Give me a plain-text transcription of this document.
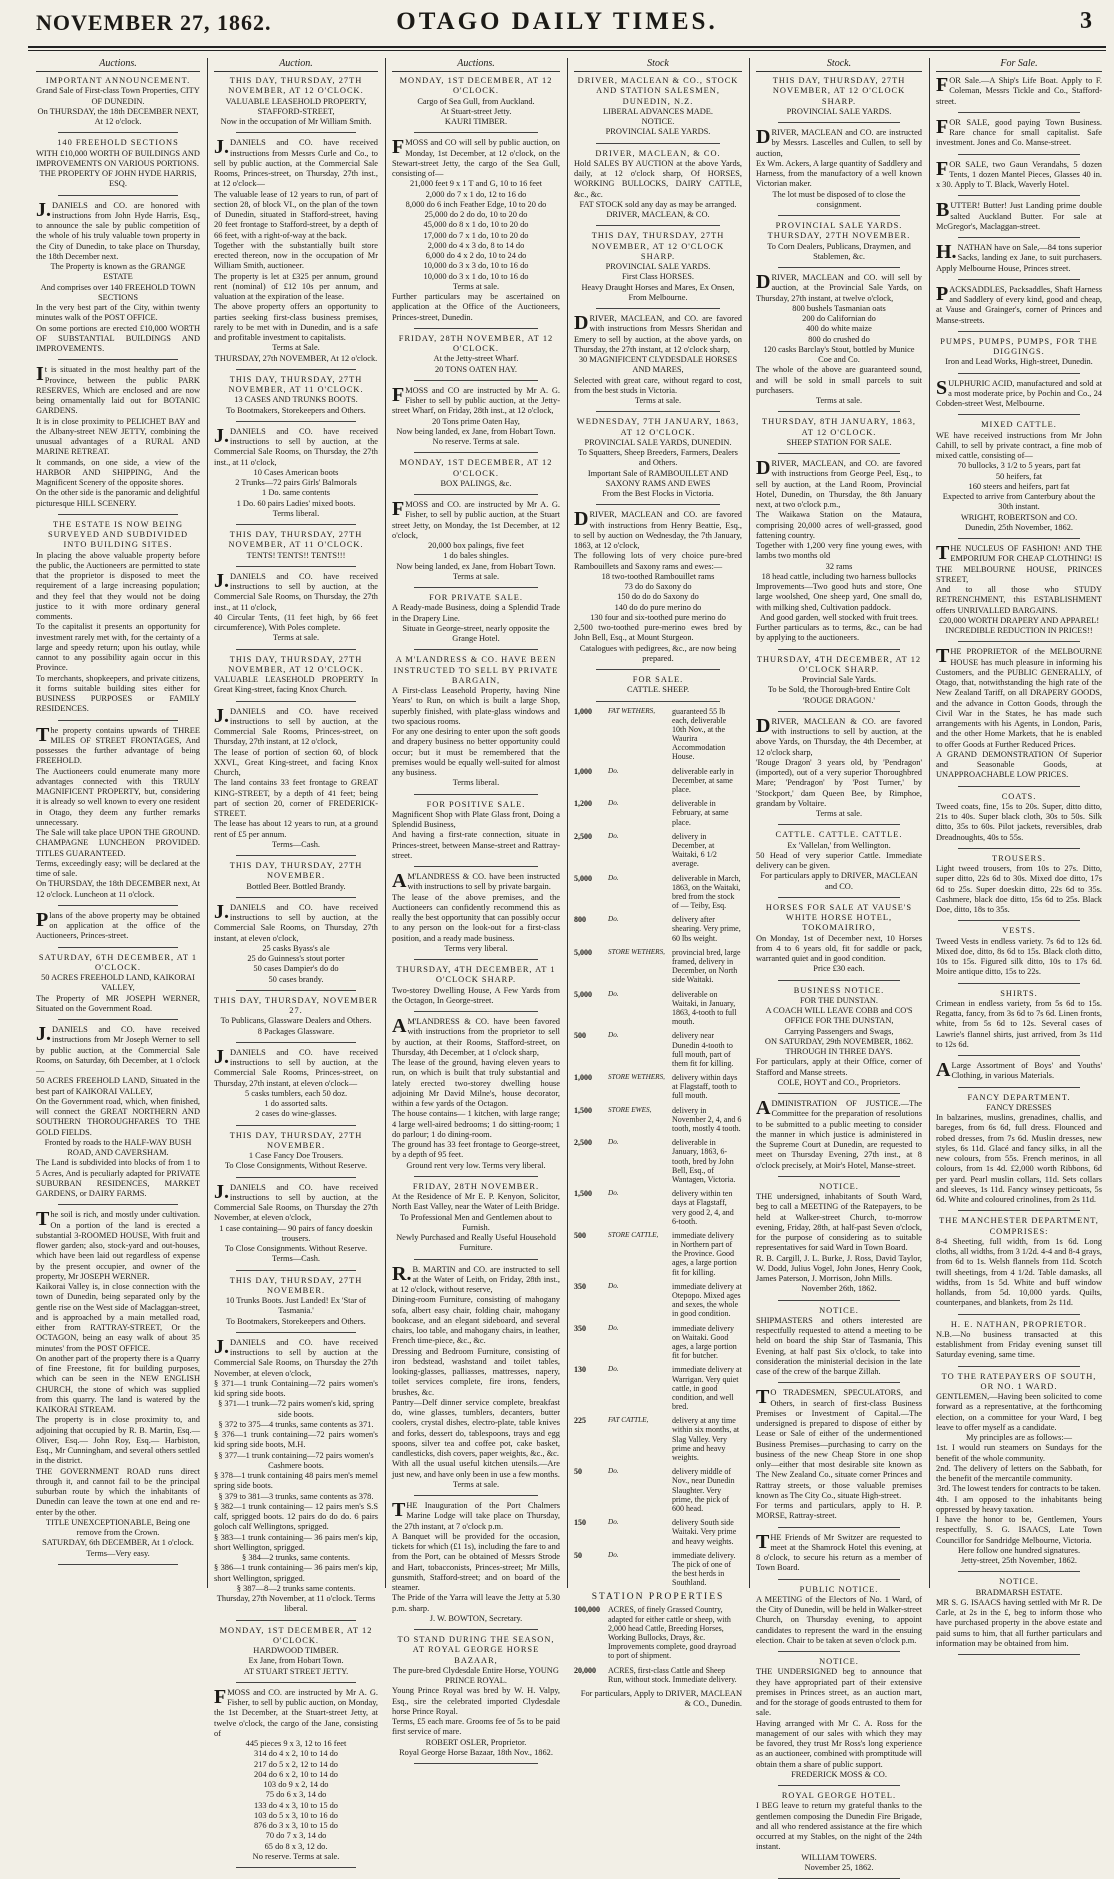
NOVEMBER 27, 1862.	OTAGO DAILY TIMES.	3
Auctions.
IMPORTANT ANNOUNCEMENT.
Grand Sale of First-class Town Properties, CITY OF DUNEDIN.
On THURSDAY, the 18th DECEMBER NEXT, At 12 o'clock.
140 FREEHOLD SECTIONS
WITH £10,000 WORTH OF BUILDINGS AND IMPROVEMENTS ON VARIOUS PORTIONS.
THE PROPERTY OF JOHN HYDE HARRIS, ESQ.
J.DANIELS and CO. are honored with instructions from John Hyde Harris, Esq., to announce the sale by public competition of the whole of his truly valuable town property in the City of Dunedin, to take place on Thursday, the 18th December next.
The Property is known as the GRANGE ESTATE
And comprises over 140 FREEHOLD TOWN SECTIONS
In the very best part of the City, within twenty minutes walk of the POST OFFICE.
On some portions are erected £10,000 WORTH OF SUBSTANTIAL BUILDINGS AND IMPROVEMENTS.
It is situated in the most healthy part of the Province, between the public PARK RESERVES, Which are enclosed and are now being ornamentally laid out for BOTANIC GARDENS.
It is in close proximity to PELICHET BAY and the Albany-street NEW JETTY, combining the unusual advantages of a RURAL AND MARINE RETREAT.
It commands, on one side, a view of the HARBOR AND SHIPPING, And the Magnificent Scenery of the opposite shores.
On the other side is the panoramic and delightful picturesque HILL SCENERY.
THE ESTATE IS NOW BEING SURVEYED AND SUBDIVIDED INTO BUILDING SITES.
In placing the above valuable property before the public, the Auctioneers are permitted to state that the proprietor is disposed to meet the requirement of a large increasing population; and they feel that they would not be doing justice to it with more ordinary general comments.
To the capitalist it presents an opportunity for investment rarely met with, for the certainty of a large and speedy return; upon his outlay, while cannot to any possibility again occur in this Province.
To merchants, shopkeepers, and private citizens, it forms suitable building sites either for BUSINESS PURPOSES or FAMILY RESIDENCES.
The property contains upwards of THREE MILES OF STREET FRONTAGES, And possesses the further advantage of being FREEHOLD.
The Auctioneers could enumerate many more advantages connected with this TRULY MAGNIFICENT PROPERTY, but, considering it is already so well known to every one resident in Otago, they deem any further remarks unnecessary.
The Sale will take place UPON THE GROUND. CHAMPAGNE LUNCHEON PROVIDED. TITLES GUARANTEED.
Terms, exceedingly easy; will be declared at the time of sale.
On THURSDAY, the 18th DECEMBER next, At 12 o'clock. Luncheon at 11 o'clock.
Plans of the above property may be obtained on application at the office of the Auctioneers, Princes-street.
SATURDAY, 6TH DECEMBER, AT 1 O'CLOCK.
50 ACRES FREEHOLD LAND, KAIKORAI VALLEY,
The Property of MR JOSEPH WERNER, Situated on the Government Road.
J.DANIELS and CO. have received instructions from Mr Joseph Werner to sell by public auction, at the Commercial Sale Rooms, on Saturday, 6th December, at 1 o'clock—
50 ACRES FREEHOLD LAND, Situated in the best part of KAIKORAI VALLEY,
On the Government road, which, when finished, will connect the GREAT NORTHERN AND SOUTHERN THOROUGHFARES TO THE GOLD FIELDS.
Fronted by roads to the HALF-WAY BUSH ROAD, AND CAVERSHAM.
The Land is subdivided into blocks of from 1 to 5 Acres, And is peculiarly adapted for PRIVATE SUBURBAN RESIDENCES, MARKET GARDENS, or DAIRY FARMS.
The soil is rich, and mostly under cultivation. On a portion of the land is erected a substantial 3-ROOMED HOUSE, With fruit and flower garden; also, stock-yard and out-houses, which have been laid out regardless of expense by the present occupier, and owner of the property, Mr JOSEPH WERNER.
Kaikorai Valley is, in close connection with the town of Dunedin, being separated only by the gentle rise on the West side of Maclaggan-street, and is approached by a main metalled road, either from RATTRAY-STREET, Or the OCTAGON, being an easy walk of about 35 minutes' from the POST OFFICE.
On another part of the property there is a Quarry of fine Freestone, fit for building purposes, which can be seen in the NEW ENGLISH CHURCH, the stone of which was supplied from this quarry. The land is watered by the KAIKORAI STREAM.
The property is in close proximity to, and adjoining that occupied by R. B. Martin, Esq.— Oliver, Esq.— John Roy, Esq.— Harbiston, Esq., Mr Cunningham, and several others settled in the district.
THE GOVERNMENT ROAD runs direct through it, and cannot fail to be the principal suburban route by which the inhabitants of Dunedin can leave the town at one end and re-enter by the other.
TITLE UNEXCEPTIONABLE, Being one remove from the Crown.
SATURDAY, 6th DECEMBER, At 1 o'clock. Terms—Very easy.
Auction.
THIS DAY, THURSDAY, 27TH NOVEMBER, AT 12 O'CLOCK.
VALUABLE LEASEHOLD PROPERTY, STAFFORD-STREET,
Now in the occupation of Mr William Smith.
J.DANIELS and CO. have received instructions from Messrs Curle and Co., to sell by public auction, at the Commercial Sale Rooms, Princes-street, on Thursday, 27th inst., at 12 o'clock—
The valuable lease of 12 years to run, of part of section 28, of block VI., on the plan of the town of Dunedin, situated in Stafford-street, having 20 feet frontage to Stafford-street, by a depth of 66 feet, with a right-of-way at the back.
Together with the substantially built store erected thereon, now in the occupation of Mr William Smith, auctioneer.
The property is let at £325 per annum, ground rent (nominal) of £12 10s per annum, and valuation at the expiration of the lease.
The above property offers an opportunity to parties seeking first-class business premises, rarely to be met with in Dunedin, and is a safe and profitable investment to capitalists.
Terms at Sale.
THURSDAY, 27th NOVEMBER, At 12 o'clock.
THIS DAY, THURSDAY, 27TH NOVEMBER, AT 11 O'CLOCK.
13 CASES AND TRUNKS BOOTS.
To Bootmakers, Storekeepers and Others.
J.DANIELS and CO. have received instructions to sell by auction, at the Commercial Sale Rooms, on Thursday, the 27th inst., at 11 o'clock,
10 Cases American boots
2 Trunks—72 pairs Girls' Balmorals
1 Do. same contents
1 Do. 60 pairs Ladies' mixed boots.
Terms liberal.
THIS DAY, THURSDAY, 27TH NOVEMBER, AT 11 O'CLOCK.
TENTS! TENTS!! TENTS!!!
J.DANIELS and CO. have received instructions to sell by auction, at the Commercial Sale Rooms, on Thursday, the 27th inst., at 11 o'clock,
40 Circular Tents, (11 feet high, by 66 feet circumference), With Poles complete.
Terms at sale.
THIS DAY, THURSDAY, 27TH NOVEMBER, AT 12 O'CLOCK.
VALUABLE LEASEHOLD PROPERTY In Great King-street, facing Knox Church.
J.DANIELS and CO. have received instructions to sell by auction, at the Commercial Sale Rooms, Princes-street, on Thursday, 27th instant, at 12 o'clock,
The lease of portion of section 60, of block XXVI., Great King-street, and facing Knox Church,
The land contains 33 feet frontage to GREAT KING-STREET, by a depth of 41 feet; being part of section 20, corner of FREDERICK-STREET.
The lease has about 12 years to run, at a ground rent of £5 per annum.
Terms—Cash.
THIS DAY, THURSDAY, 27TH NOVEMBER.
Bottled Beer. Bottled Brandy.
J.DANIELS and CO. have received instructions to sell by auction, at the Commercial Sale Rooms, on Thursday, 27th instant, at eleven o'clock,
25 casks Byass's ale
25 do Guinness's stout porter
50 cases Dampier's do do
50 cases brandy.
THIS DAY, THURSDAY, NOVEMBER 27.
To Publicans, Glassware Dealers and Others.
8 Packages Glassware.
J.DANIELS and CO. have received instructions to sell by auction, at the Commercial Sale Rooms, Princes-street, on Thursday, 27th instant, at eleven o'clock—
5 casks tumblers, each 50 doz.
1 do assorted salts.
2 cases do wine-glasses.
THIS DAY, THURSDAY, 27TH NOVEMBER.
1 Case Fancy Doe Trousers.
To Close Consignments, Without Reserve.
J.DANIELS and CO. have received instructions to sell by auction, at the Commercial Sale Rooms, on Thursday the 27th November, at eleven o'clock,
1 case containing— 90 pairs of fancy doeskin trousers.
To Close Consignments. Without Reserve.
Terms—Cash.
THIS DAY, THURSDAY, 27TH NOVEMBER.
10 Trunks Boots. Just Landed! Ex 'Star of Tasmania.'
To Bootmakers, Storekeepers and Others.
J.DANIELS and CO. have received instructions to sell by auction at the Commercial Sale Rooms, on Thursday the 27th November, at eleven o'clock,
§ 371—1 trunk Containing—72 pairs women's kid spring side boots.
§ 371—1 trunk—72 pairs women's kid, spring side boots.
§ 372 to 375—4 trunks, same contents as 371.
§ 376—1 trunk containing—72 pairs women's kid spring side boots, M.H.
§ 377—1 trunk containing—72 pairs women's Cashmere boots.
§ 378—1 trunk containing 48 pairs men's memel spring side boots.
§ 379 to 381—3 trunks, same contents as 378.
§ 382—1 trunk containing— 12 pairs men's S.S calf, sprigged boots. 12 pairs do do do. 6 pairs goloch calf Wellingtons, sprigged.
§ 383—1 trunk containing— 36 pairs men's kip, short Wellington, sprigged.
§ 384—2 trunks, same contents.
§ 386—1 trunk containing— 36 pairs men's kip, short Wellington, sprigged.
§ 387—8—2 trunks same contents.
Thursday, 27th November, at 11 o'clock. Terms liberal.
MONDAY, 1ST DECEMBER, AT 12 O'CLOCK.
HARDWOOD TIMBER.
Ex Jane, from Hobart Town.
AT STUART STREET JETTY.
FMOSS and CO. are instructed by Mr A. G. Fisher, to sell by public auction, on Monday, the 1st December, at the Stuart-street Jetty, at twelve o'clock, the cargo of the Jane, consisting of
445 pieces 9 x 3, 12 to 16 feet
314 do 4 x 2, 10 to 14 do
217 do 5 x 2, 12 to 14 do
204 do 6 x 2, 10 to 14 do
103 do 9 x 2, 14 do
75 do 6 x 3, 14 do
133 do 4 x 3, 10 to 15 do
103 do 5 x 3, 10 to 16 do
876 do 3 x 3, 10 to 15 do
70 do 7 x 3, 14 do
65 do 8 x 3, 12 do.
No reserve. Terms at sale.
Auctions.
MONDAY, 1ST DECEMBER, AT 12 O'CLOCK.
Cargo of Sea Gull, from Auckland.
At Stuart-street Jetty.
KAURI TIMBER.
FMOSS and CO will sell by public auction, on Monday, 1st December, at 12 o'clock, on the Stewart-street Jetty, the cargo of the Sea Gull, consisting of—
21,000 feet 9 x 1 T and G, 10 to 16 feet
2,000 do 7 x 1 do, 12 to 16 do
8,000 do 6 inch Feather Edge, 10 to 20 do
25,000 do 2 do do, 10 to 20 do
45,000 do 8 x 1 do, 10 to 20 do
17,000 do 7 x 1 do, 10 to 20 do
2,000 do 4 x 3 do, 8 to 14 do
6,000 do 4 x 2 do, 10 to 24 do
10,000 do 3 x 3 do, 10 to 16 do
10,000 do 3 x 1 do, 10 to 16 do
Terms at sale.
Further particulars may be ascertained on application at the Office of the Auctioneers, Princes-street, Dunedin.
FRIDAY, 28TH NOVEMBER, AT 12 O'CLOCK.
At the Jetty-street Wharf.
20 TONS OATEN HAY.
FMOSS and CO are instructed by Mr A. G. Fisher to sell by public auction, at the Jetty-street Wharf, on Friday, 28th inst., at 12 o'clock,
20 Tons prime Oaten Hay,
Now being landed, ex Jane, from Hobart Town.
No reserve. Terms at sale.
MONDAY, 1ST DECEMBER, AT 12 O'CLOCK.
BOX PALINGS, &c.
FMOSS and CO. are instructed by Mr A. G. Fisher, to sell by public auction, at the Stuart street Jetty, on Monday, the 1st December, at 12 o'clock,
20,000 box palings, five feet
1 do bales shingles.
Now being landed, ex Jane, from Hobart Town.
Terms at sale.
FOR PRIVATE SALE.
A Ready-made Business, doing a Splendid Trade in the Drapery Line.
Situate in George-street, nearly opposite the Grange Hotel.
A M'LANDRESS & CO. HAVE BEEN INSTRUCTED TO SELL BY PRIVATE BARGAIN,
A First-class Leasehold Property, having Nine Years' to Run, on which is built a large Shop, superbly finished, with plate-glass windows and two spacious rooms.
For any one desiring to enter upon the soft goods and drapery business no better opportunity could occur; but it must be remembered that the premises would be equally well-suited for almost any business.
Terms liberal.
FOR POSITIVE SALE.
Magnificent Shop with Plate Glass front, Doing a Splendid Business,
And having a first-rate connection, situate in Princes-street, between Manse-street and Rattray-street.
AM'LANDRESS & CO. have been instructed with instructions to sell by private bargain.
The lease of the above premises, and the Auctioneers can confidently recommend this as really the best opportunity that can possibly occur to any person on the look-out for a first-class position, and a ready made business.
Terms very liberal.
THURSDAY, 4TH DECEMBER, AT 1 O'CLOCK SHARP.
Two-storey Dwelling House, A Few Yards from the Octagon, In George-street.
AM'LANDRESS & CO. have been favored with instructions from the proprietor to sell by auction, at their Rooms, Stafford-street, on Thursday, 4th December, at 1 o'clock sharp,
The lease of the ground, having eleven years to run, on which is built that truly substantial and lately erected two-storey dwelling house adjoining Mr David Milne's, house decorator, within a few yards of the Octagon.
The house contains— 1 kitchen, with large range; 4 large well-aired bedrooms; 1 do sitting-room; 1 do parlour; 1 do dining-room.
The ground has 33 feet frontage to George-street, by a depth of 95 feet.
Ground rent very low. Terms very liberal.
FRIDAY, 28TH NOVEMBER.
At the Residence of Mr E. P. Kenyon, Solicitor, North East Valley, near the Water of Leith Bridge.
To Professional Men and Gentlemen about to Furnish.
Newly Purchased and Really Useful Household Furniture.
R.B. MARTIN and CO. are instructed to sell at the Water of Leith, on Friday, 28th inst., at 12 o'clock, without reserve,
Dining-room Furniture, consisting of mahogany sofa, albert easy chair, folding chair, mahogany bookcase, and an elegant sideboard, and several chairs, loo table, and mahogany chairs, in leather, French time-piece, &c., &c.
Dressing and Bedroom Furniture, consisting of iron bedstead, washstand and toilet tables, looking-glasses, palliasses, mattresses, napery, toilet services complete, fire irons, fenders, brushes, &c.
Pantry—Delf dinner service complete, breakfast do, wine glasses, tumblers, decanters, butter coolers, crystal dishes, electro-plate, table knives and forks, dessert do, tablespoons, trays and egg spoons, silver tea and coffee pot, cake basket, candlesticks, dish covers, paper weights, &c., &c.
With all the usual useful kitchen utensils.—Are just new, and have only been in use a few months.
Terms at sale.
THE Inauguration of the Port Chalmers Marine Lodge will take place on Thursday, the 27th instant, at 7 o'clock p.m.
A Banquet will be provided for the occasion, tickets for which (£1 1s), including the fare to and from the Port, can be obtained of Messrs Strode and Hart, tobacconists, Princes-street; Mr Mills, gunsmith, Stafford-street; and on board of the steamer.
The Pride of the Yarra will leave the Jetty at 5.30 p.m. sharp.
J. W. BOWTON, Secretary.
TO STAND DURING THE SEASON, AT ROYAL GEORGE HORSE BAZAAR,
The pure-bred Clydesdale Entire Horse, YOUNG PRINCE ROYAL.
Young Prince Royal was bred by W. H. Valpy, Esq., sire the celebrated imported Clydesdale horse Prince Royal.
Terms, £5 each mare. Grooms fee of 5s to be paid first service of mare.
ROBERT OSLER, Proprietor.
Royal George Horse Bazaar, 18th Nov., 1862.
Stock
DRIVER, MACLEAN & CO., STOCK AND STATION SALESMEN, DUNEDIN, N.Z.
LIBERAL ADVANCES MADE.
NOTICE.
PROVINCIAL SALE YARDS.
DRIVER, MACLEAN, & CO.
Hold SALES BY AUCTION at the above Yards, daily, at 12 o'clock sharp, Of HORSES, WORKING BULLOCKS, DAIRY CATTLE, &c., &c.
FAT STOCK sold any day as may be arranged.
DRIVER, MACLEAN, & CO.
THIS DAY, THURSDAY, 27TH NOVEMBER, AT 12 O'CLOCK SHARP.
PROVINCIAL SALE YARDS.
First Class HORSES.
Heavy Draught Horses and Mares, Ex Onsen, From Melbourne.
DRIVER, MACLEAN, and CO. are favored with instructions from Messrs Sheridan and Emery to sell by auction, at the above yards, on Thursday, the 27th instant, at 12 o'clock sharp,
30 MAGNIFICENT CLYDESDALE HORSES AND MARES,
Selected with great care, without regard to cost, from the best studs in Victoria.
Terms at sale.
WEDNESDAY, 7TH JANUARY, 1863, AT 12 O'CLOCK.
PROVINCIAL SALE YARDS, DUNEDIN.
To Squatters, Sheep Breeders, Farmers, Dealers and Others.
Important Sale of RAMBOUILLET AND SAXONY RAMS AND EWES
From the Best Flocks in Victoria.
DRIVER, MACLEAN and CO. are favored with instructions from Henry Beattie, Esq., to sell by auction on Wednesday, the 7th January, 1863, at 12 o'clock,
The following lots of very choice pure-bred Rambouillets and Saxony rams and ewes:—
18 two-toothed Rambouillet rams
73 do do Saxony do
150 do do do Saxony do
140 do do pure merino do
130 four and six-toothed pure merino do
2,500 two-toothed pure-merino ewes bred by John Bell, Esq., at Mount Sturgeon.
Catalogues with pedigrees, &c., are now being prepared.
FOR SALE.
CATTLE. SHEEP.
1,000	FAT WETHERS,	guaranteed 55 lb each, deliverable 10th Nov., at the Waurira Accommodation House.
1,000	Do.	deliverable early in December, at same place.
1,200	Do.	deliverable in February, at same place.
2,500	Do.	delivery in December, at Waitaki, 6 1/2 average.
5,000	Do.	deliverable in March, 1863, on the Waitaki, bred from the stock of — Teiby, Esq.
800	Do.	delivery after shearing. Very prime, 60 lbs weight.
5,000	STORE WETHERS, provincial bred, large framed, delivery in December, on North side Waitaki.
5,000	Do.	deliverable on Waitaki, in January, 1863, 4-tooth to full mouth.
500	Do.	delivery near Dunedin 4-tooth to full mouth, part of them fit for killing.
1,000	STORE WETHERS, delivery within days at Flagstaff, tooth to full mouth.
1,500	STORE EWES,	delivery in November 2, 4, and 6 tooth, mostly 4 tooth.
2,500	Do.	deliverable in January, 1863, 6-tooth, bred by John Bell, Esq., of Wantagen, Victoria.
1,500	Do.	delivery within ten days at Flagstaff, very good 2, 4, and 6-tooth.
500	STORE CATTLE,	immediate delivery in Northern part of the Province. Good ages, a large portion fit for killing.
350	Do.	immediate delivery at Otepopo. Mixed ages and sexes, the whole in good condition.
350	Do.	immediate delivery on Waitaki. Good ages, a large portion fit for butcher.
130	Do.	immediate delivery at Warrigan. Very quiet cattle, in good condition, and well bred.
225	FAT CATTLE,	delivery at any time within six months, at Slag Valley. Very prime and heavy weights.
50	Do.	delivery middle of Nov., near Dunedin Slaughter. Very prime, the pick of 600 head.
150	Do.	delivery South side Waitaki. Very prime and heavy weights.
50	Do.	immediate delivery. The pick of one of the best herds in Southland.
STATION PROPERTIES
100,000	ACRES, of finely Grassed Country, adapted for either cattle or sheep, with 2,000 head Cattle, Breeding Horses, Working Bullocks, Drays, &c. Improvements complete, good drayroad to port of shipment.
20,000	ACRES, first-class Cattle and Sheep Run, without stock. Immediate delivery.
For particulars, Apply to DRIVER, MACLEAN & CO., Dunedin.
Stock.
THIS DAY, THURSDAY, 27TH NOVEMBER, AT 12 O'CLOCK SHARP.
PROVINCIAL SALE YARDS.
DRIVER, MACLEAN and CO. are instructed by Messrs. Lascelles and Cullen, to sell by auction,
Ex Wm. Ackers, A large quantity of Saddlery and Harness, from the manufactory of a well known Victorian maker.
The lot must be disposed of to close the consignment.
PROVINCIAL SALE YARDS. THURSDAY, 27TH NOVEMBER.
To Corn Dealers, Publicans, Draymen, and Stablemen, &c.
DRIVER, MACLEAN and CO. will sell by auction, at the Provincial Sale Yards, on Thursday, 27th instant, at twelve o'clock,
800 bushels Tasmanian oats
200 do Californian do
400 do white maize
800 do crushed do
120 casks Barclay's Stout, bottled by Munice Coe and Co.
The whole of the above are guaranteed sound, and will be sold in small parcels to suit purchasers.
Terms at sale.
THURSDAY, 8TH JANUARY, 1863, AT 12 O'CLOCK.
SHEEP STATION FOR SALE.
DRIVER, MACLEAN, and CO. are favored with instructions from George Peel, Esq., to sell by auction, at the Land Room, Provincial Hotel, Dunedin, on Thursday, the 8th January next, at two o'clock p.m.,
The Waikawa Station on the Mataura, comprising 20,000 acres of well-grassed, good fattening country.
Together with 1,200 very fine young ewes, with lambs two months old
32 rams
18 head cattle, including two harness bullocks
Improvements—Two good huts and store, One large woolshed, One sheep yard, One small do, with milking shed, Cultivation paddock.
And good garden, well stocked with fruit trees.
Further particulars as to terms, &c., can be had by applying to the auctioneers.
THURSDAY, 4TH DECEMBER, AT 12 O'CLOCK SHARP.
Provincial Sale Yards.
To be Sold, the Thorough-bred Entire Colt 'ROUGE DRAGON.'
DRIVER, MACLEAN & CO. are favored with instructions to sell by auction, at the above Yards, on Thursday, the 4th December, at 12 o'clock sharp,
'Rouge Dragon' 3 years old, by 'Pendragon' (imported), out of a very superior Thoroughbred Mare; 'Pendragon' by 'Post Turner,' by 'Stockport,' dam Queen Bee, by Rimphoe, grandam by Voltaire.
Terms at sale.
CATTLE. CATTLE. CATTLE.
Ex 'Vallelan,' from Wellington.
50 Head of very superior Cattle. Immediate delivery can be given.
For particulars apply to DRIVER, MACLEAN and CO.
HORSES FOR SALE AT VAUSE'S WHITE HORSE HOTEL, TOKOMAIRIRO,
On Monday, 1st of December next, 10 Horses from 4 to 6 years old, fit for saddle or pack, warranted quiet and in good condition.
Price £30 each.
BUSINESS NOTICE.
FOR THE DUNSTAN.
A COACH WILL LEAVE COBB and CO'S OFFICE FOR THE DUNSTAN,
Carrying Passengers and Swags,
ON SATURDAY, 29th NOVEMBER, 1862.
THROUGH IN THREE DAYS.
For particulars, apply at their Office, corner of Stafford and Manse streets.
COLE, HOYT and CO., Proprietors.
ADMINISTRATION OF JUSTICE.—The Committee for the preparation of resolutions to be submitted to a public meeting to consider the manner in which justice is administered in the Supreme Court at Dunedin, are requested to meet on Thursday Evening, 27th inst., at 8 o'clock precisely, at Moir's Hotel, Manse-street.
NOTICE.
THE undersigned, inhabitants of South Ward, beg to call a MEETING of the Ratepayers, to be held at Walker-street Church, to-morrow evening, Friday, 28th, at half-past Seven o'clock, for the purpose of considering as to suitable representatives for said Ward in Town Board.
R. B. Cargill, J. L. Burke, J. Ross, David Taylor, W. Dodd, Julius Vogel, John Jones, Henry Cook, James Paterson, J. Morrison, John Mills.
November 26th, 1862.
NOTICE.
SHIPMASTERS and others interested are respectfully requested to attend a meeting to be held on board the ship Star of Tasmania, This Evening, at half past Six o'clock, to take into consideration the ministerial decision in the late case of the crew of the barque Zillah.
TO TRADESMEN, SPECULATORS, and Others, in search of first-class Business Premises or Investment of Capital.—The undersigned is prepared to dispose of either by Lease or Sale of either of the undermentioned Business Premises—purchasing to carry on the business of the new Cheap Store in one shop only—either that most desirable site known as The New Zealand Co., situate corner Princes and Rattray streets, or those valuable premises known as The City Co., situate High-street.
For terms and particulars, apply to H. P. MORSE, Rattray-street.
THE Friends of Mr Switzer are requested to meet at the Shamrock Hotel this evening, at 8 o'clock, to secure his return as a member of Town Board.
PUBLIC NOTICE.
A MEETING of the Electors of No. 1 Ward, of the City of Dunedin, will be held in Walker-street Church, on Thursday evening, to appoint candidates to represent the ward in the ensuing election. Chair to be taken at seven o'clock p.m.
NOTICE.
THE UNDERSIGNED beg to announce that they have appropriated part of their extensive premises in Princes street, as an auction mart, and for the storage of goods entrusted to them for sale.
Having arranged with Mr C. A. Ross for the management of our sales with which they may be favored, they trust Mr Ross's long experience as an auctioneer, combined with promptitude will obtain them a share of public support.
FREDERICK MOSS & CO.
ROYAL GEORGE HOTEL.
I BEG leave to return my grateful thanks to the gentlemen composing the Dunedin Fire Brigade, and all who rendered assistance at the fire which occurred at my Stables, on the night of the 24th instant.
WILLIAM TOWERS.
November 25, 1862.
For Sale.
FOR Sale.—A Ship's Life Boat. Apply to F. Coleman, Messrs Tickle and Co., Stafford-street.
FOR SALE, good paying Town Business. Rare chance for small capitalist. Safe investment. Jones and Co. Manse-street.
FOR SALE, two Gaun Verandahs, 5 dozen Tents, 1 dozen Mantel Pieces, Glasses 40 in. x 30. Apply to T. Black, Waverly Hotel.
BUTTER! Butter! Just Landing prime double salted Auckland Butter. For sale at McGregor's, Maclaggan-street.
H.NATHAN have on Sale,—84 tons superior Sacks, landing ex Jane, to suit purchasers. Apply Melbourne House, Princes street.
PACKSADDLES, Packsaddles, Shaft Harness and Saddlery of every kind, good and cheap, at Vause and Grainger's, corner of Princes and Manse-streets.
PUMPS, PUMPS, PUMPS, FOR THE DIGGINGS.
Iron and Lead Works, High-street, Dunedin.
SULPHURIC ACID, manufactured and sold at a most moderate price, by Pochin and Co., 24 Cobden-street West, Melbourne.
MIXED CATTLE.
WE have received instructions from Mr John Cahill, to sell by private contract, a fine mob of mixed cattle, consisting of—
70 bullocks, 3 1/2 to 5 years, part fat
50 heifers, fat
160 steers and heifers, part fat
Expected to arrive from Canterbury about the 30th instant.
WRIGHT, ROBERTSON and CO.
Dunedin, 25th November, 1862.
THE NUCLEUS OF FASHION! AND THE EMPORIUM FOR CHEAP CLOTHING! IS THE MELBOURNE HOUSE, PRINCES STREET,
And to all those who STUDY RETRENCHMENT, this ESTABLISHMENT offers UNRIVALLED BARGAINS.
£20,000 WORTH DRAPERY AND APPAREL!
INCREDIBLE REDUCTION IN PRICES!!
THE PROPRIETOR of the MELBOURNE HOUSE has much pleasure in informing his Customers, and the PUBLIC GENERALLY, of Otago, that, notwithstanding the high rate of the New Zealand Tariff, on all DRAPERY GOODS, and the advance in Cotton Goods, through the Civil War in the States, he has made such arrangements with his Agents, in London, Paris, and the other Home Markets, that he is enabled to offer Goods at Further Reduced Prices.
A GRAND DEMONSTRATION Of Superior and Seasonable Goods, at UNAPPROACHABLE LOW PRICES.
COATS.
Tweed coats, fine, 15s to 20s. Super, ditto ditto, 21s to 40s. Super black cloth, 30s to 50s. Silk ditto, 35s to 60s. Pilot jackets, reversibles, drab Dreadnoughts, 40s to 55s.
TROUSERS.
Light tweed trousers, from 10s to 27s. Ditto, super ditto, 22s 6d to 30s. Mixed doe ditto, 17s 6d to 25s. Super doeskin ditto, 22s 6d to 35s. Cashmere, black doe ditto, 15s 6d to 25s. Black Doe, ditto, 18s to 35s.
VESTS.
Tweed Vests in endless variety. 7s 6d to 12s 6d. Mixed doe, ditto, 8s 6d to 15s. Black cloth ditto, 10s to 15s. Figured silk ditto, 10s to 17s 6d. Moire antique ditto, 15s to 22s.
SHIRTS.
Crimean in endless variety, from 5s 6d to 15s. Regatta, fancy, from 3s 6d to 7s 6d. Linen fronts, white, from 5s 6d to 12s. Several cases of Lawrie's flannel shirts, just arrived, from 3s 11d to 12s 6d.
ALarge Assortment of Boys' and Youths' Clothing, in various Materials.
FANCY DEPARTMENT.
FANCY DRESSES
In balzarines, muslins, grenadines, challis, and bareges, from 6s 6d, full dress. Flounced and robed dresses, from 7s 6d. Muslin dresses, new styles, 6s 11d. Glacé and fancy silks, in all the new colours, from 55s. French merinos, in all colours, from 1s 4d. £2,000 worth Ribbons, 6d per yard. Pearl muslin collars, 11d. Sets collars and sleeves, 1s 11d. Fancy winsey petticoats, 5s 6d. White and coloured crinolines, from 2s 11d.
THE MANCHESTER DEPARTMENT, COMPRISES:
8-4 Sheeting, full width, from 1s 6d. Long cloths, all widths, from 3 1/2d. 4-4 and 8-4 grays, from 6d to 1s. Welsh flannels from 11d. Scotch twill sheetings, from 4 1/2d. Table damasks, all widths, from 1s 5d. White and buff window hollands, from 5d. 10,000 yards. Quilts, counterpanes, and blankets, from 2s 11d.
H. E. NATHAN, PROPRIETOR.
N.B.—No business transacted at this establishment from Friday evening sunset till Saturday evening, same time.
TO THE RATEPAYERS OF SOUTH, OR NO. 1 WARD.
GENTLEMEN,—Having been solicited to come forward as a representative, at the forthcoming election, on a committee for your Ward, I beg leave to offer myself as a candidate.
My principles are as follows:—
1st. I would run steamers on Sundays for the benefit of the whole community.
2nd. The delivery of letters on the Sabbath, for the benefit of the mercantile community.
3rd. The lowest tenders for contracts to be taken.
4th. I am opposed to the inhabitants being oppressed by heavy taxation.
I have the honor to be, Gentlemen, Yours respectfully, S. G. ISAACS, Late Town Councillor for Sandridge Melbourne, Victoria.
Here follow one hundred signatures.
Jetty-street, 25th November, 1862.
NOTICE.
BRADMARSH ESTATE.
MR S. G. ISAACS having settled with Mr R. De Carle, at 2s in the £, beg to inform those who have purchased property in the above estate and paid sums to him, that all further particulars and information may be obtained from him.
